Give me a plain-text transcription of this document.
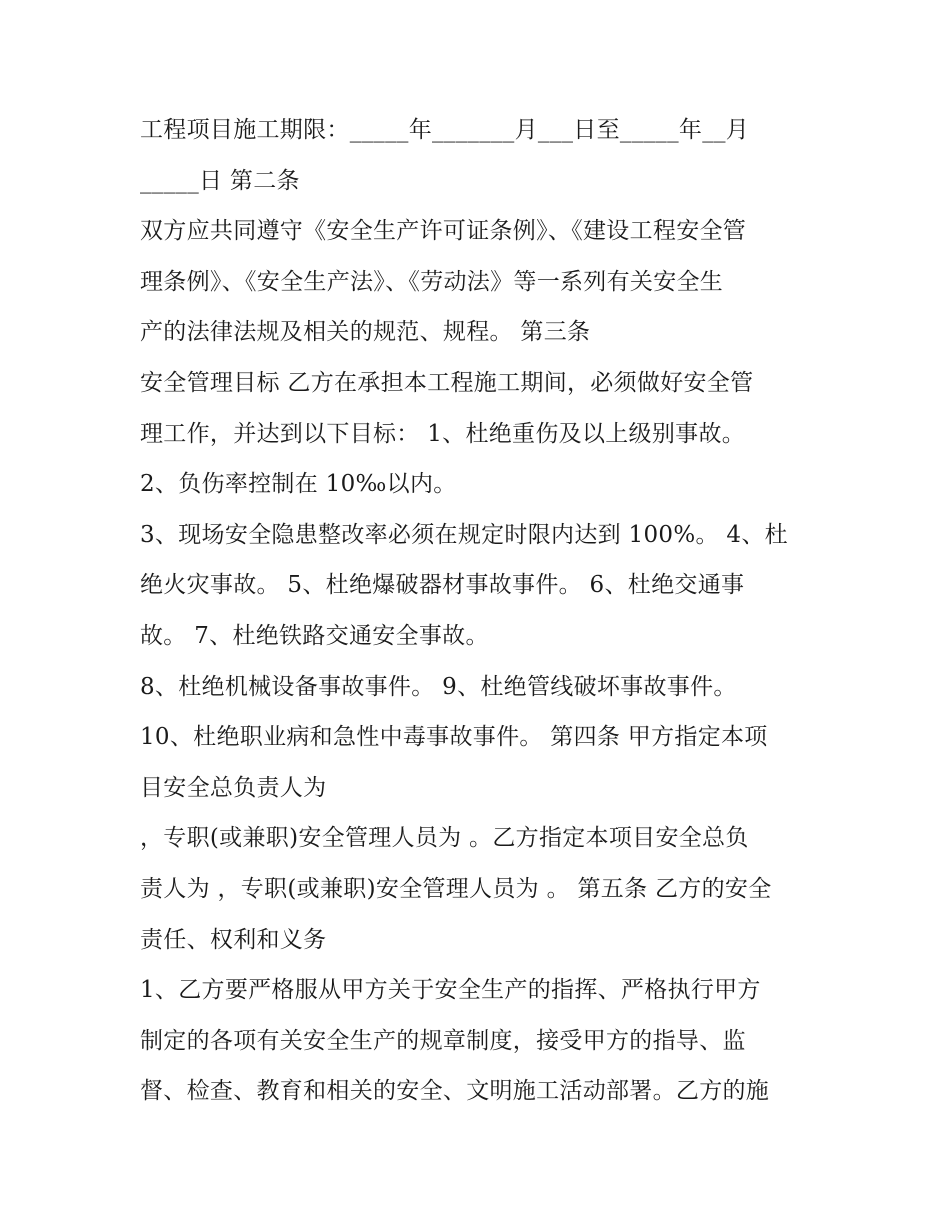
工程项目施工期限：_____年_______月___日至_____年__月
_____日 第二条
双方应共同遵守《安全生产许可证条例》、《建设工程安全管
理条例》、《安全生产法》、《劳动法》等一系列有关安全生
产的法律法规及相关的规范、规程。 第三条
安全管理目标 乙方在承担本工程施工期间，必须做好安全管
理工作，并达到以下目标： 1、杜绝重伤及以上级别事故。
2、负伤率控制在 10‰以内。
3、现场安全隐患整改率必须在规定时限内达到 100%。 4、杜
绝火灾事故。 5、杜绝爆破器材事故事件。 6、杜绝交通事
故。 7、杜绝铁路交通安全事故。
8、杜绝机械设备事故事件。 9、杜绝管线破坏事故事件。
10、杜绝职业病和急性中毒事故事件。 第四条 甲方指定本项
目安全总负责人为
，专职(或兼职)安全管理人员为 。乙方指定本项目安全总负
责人为 ，专职(或兼职)安全管理人员为 。 第五条 乙方的安全
责任、权利和义务
1、乙方要严格服从甲方关于安全生产的指挥、严格执行甲方
制定的各项有关安全生产的规章制度，接受甲方的指导、监
督、检查、教育和相关的安全、文明施工活动部署。乙方的施
